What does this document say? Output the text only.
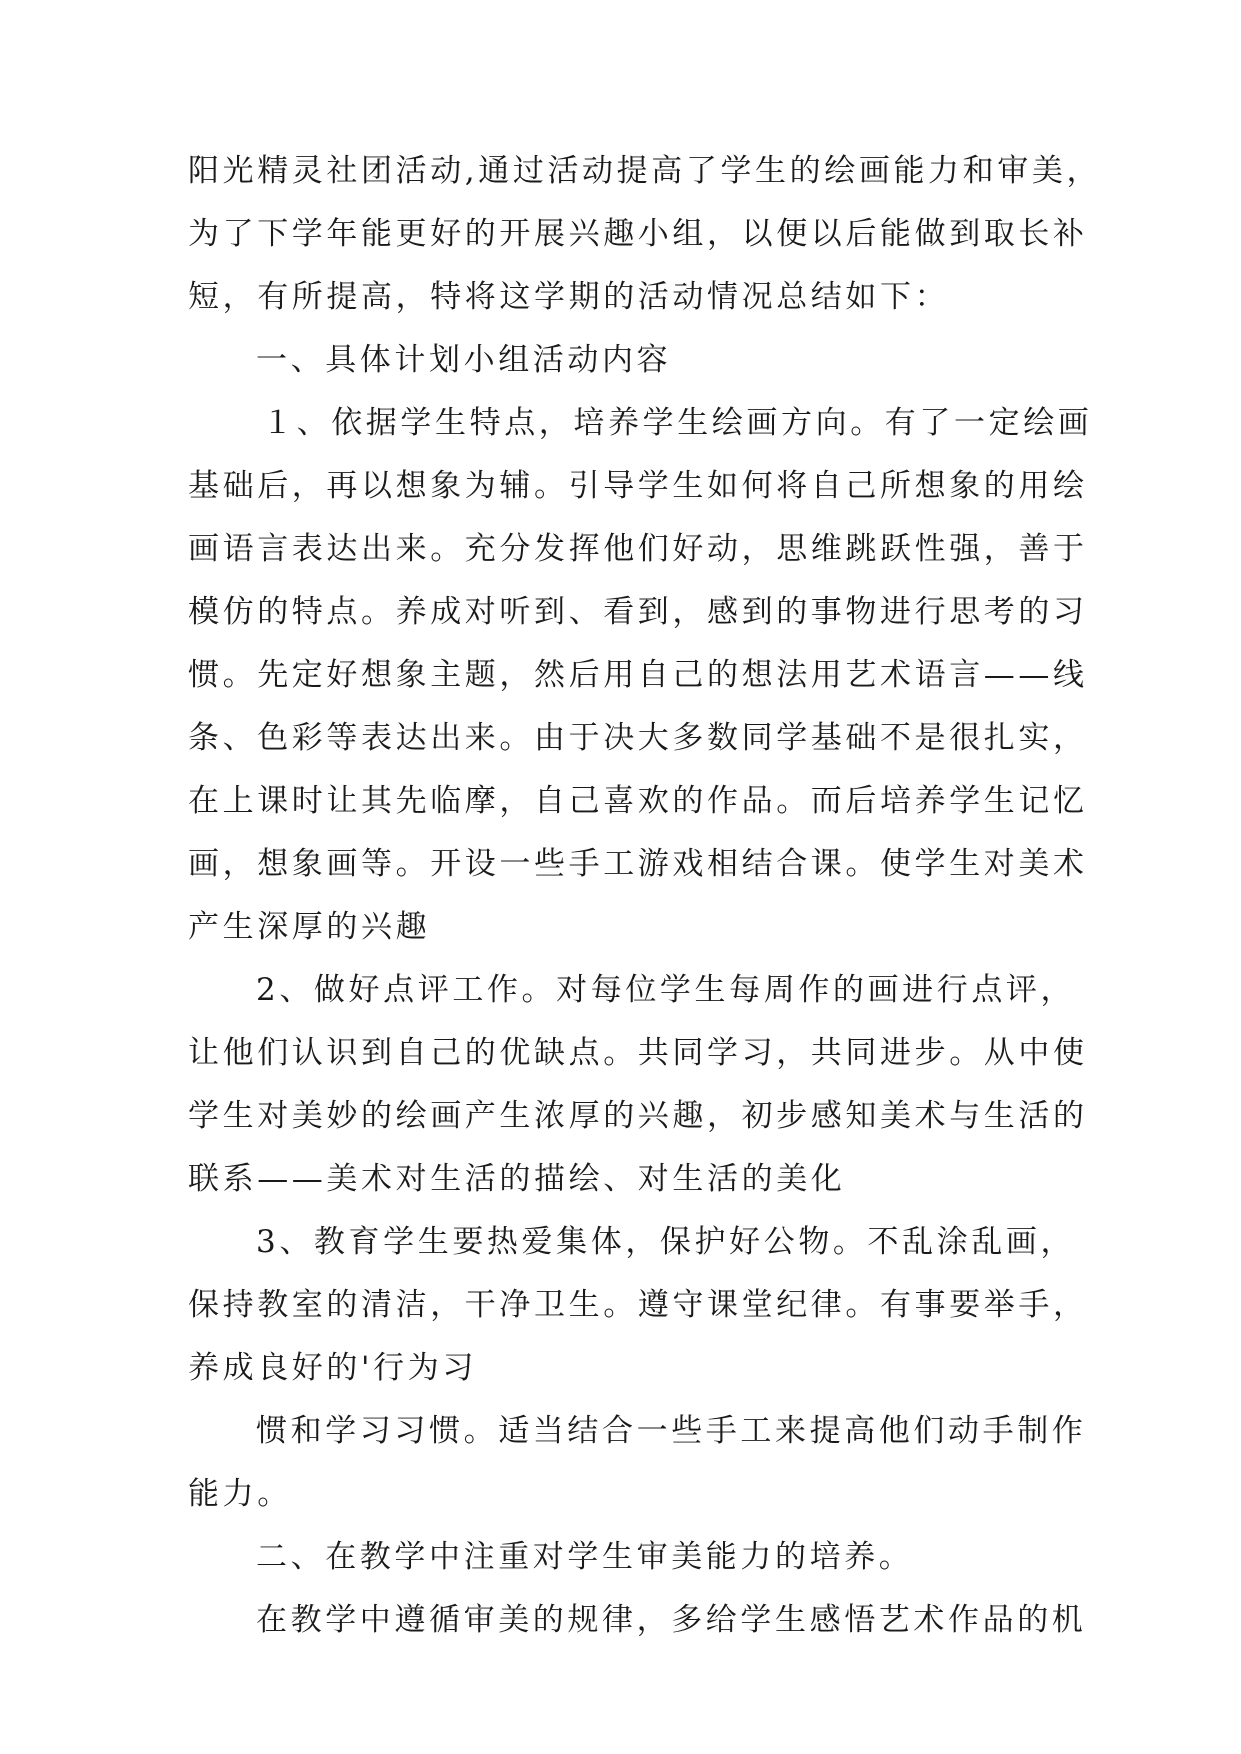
阳光精灵社团活动,通过活动提高了学生的绘画能力和审美，
为了下学年能更好的开展兴趣小组，以便以后能做到取长补
短，有所提高，特将这学期的活动情况总结如下：
一、具体计划小组活动内容
１、依据学生特点，培养学生绘画方向。有了一定绘画
基础后，再以想象为辅。引导学生如何将自己所想象的用绘
画语言表达出来。充分发挥他们好动，思维跳跃性强，善于
模仿的特点。养成对听到、看到，感到的事物进行思考的习
惯。先定好想象主题，然后用自己的想法用艺术语言——线
条、色彩等表达出来。由于决大多数同学基础不是很扎实，
在上课时让其先临摩，自己喜欢的作品。而后培养学生记忆
画，想象画等。开设一些手工游戏相结合课。使学生对美术
产生深厚的兴趣
2、做好点评工作。对每位学生每周作的画进行点评，
让他们认识到自己的优缺点。共同学习，共同进步。从中使
学生对美妙的绘画产生浓厚的兴趣，初步感知美术与生活的
联系——美术对生活的描绘、对生活的美化
3、教育学生要热爱集体，保护好公物。不乱涂乱画，
保持教室的清洁，干净卫生。遵守课堂纪律。有事要举手，
养成良好的'行为习
惯和学习习惯。适当结合一些手工来提高他们动手制作
能力。
二、在教学中注重对学生审美能力的培养。
在教学中遵循审美的规律，多给学生感悟艺术作品的机
